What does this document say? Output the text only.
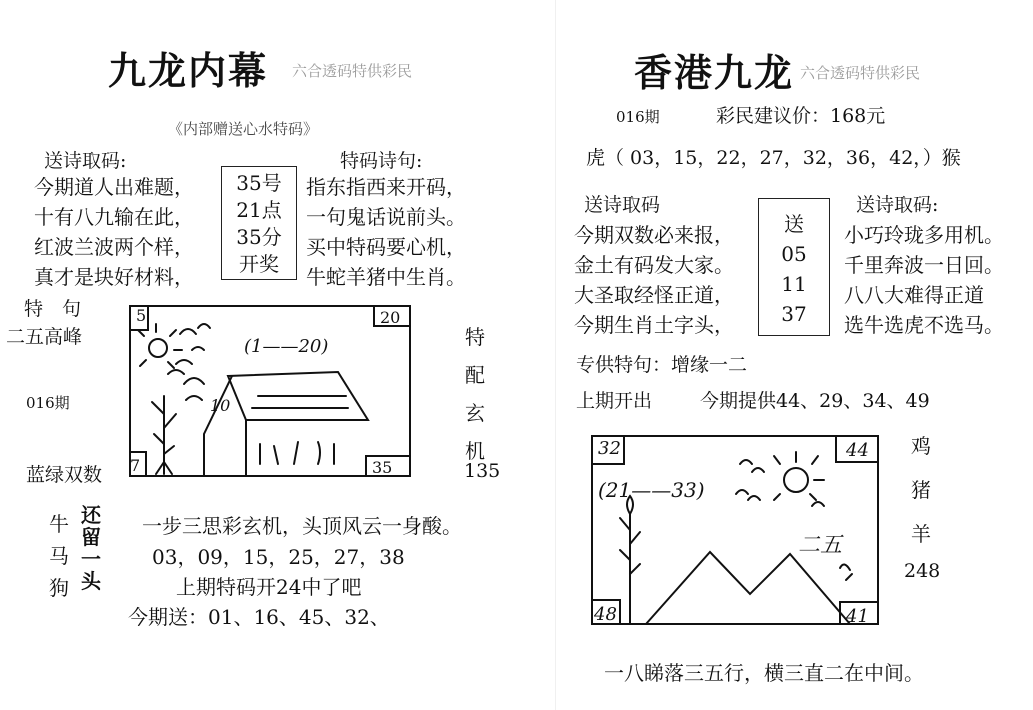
九龙内幕 六合透码特供彩民
《内部赠送心水特码》
送诗取码:	特码诗句:
今期道人出难题，
十有八九输在此，
红波兰波两个样，
真才是块好材料，
35号
21点
35分
开奖
指东指西来开码，
一句鬼话说前头。
买中特码要心机，
牛蛇羊猪中生肖。
特　句
二五高峰
016期
蓝绿双数
5	20
7	35
(1——20)
10
特
配
玄
机
135
牛
马
狗
还
留
一
头
一步三思彩玄机，头顶风云一身酸。
03，09，15，25，27，38
上期特码开24中了吧
今期送：01、16、45、32、
香港九龙 六合透码特供彩民
016期	彩民建议价：168元
虎（ 03，15，22，27，32，36，42，）猴
送诗取码	送诗取码:
今期双数必来报，
金土有码发大家。
大圣取经怪正道，
今期生肖土字头，
送
05
11
37
小巧玲珑多用机。
千里奔波一日回。
八八大难得正道
选牛选虎不选马。
专供特句：增缘一二
上期开出	今期提供44、29、34、49
32	44
48	41
(21——33)
二五
鸡
猪
羊
248
一八睇落三五行，横三直二在中间。
